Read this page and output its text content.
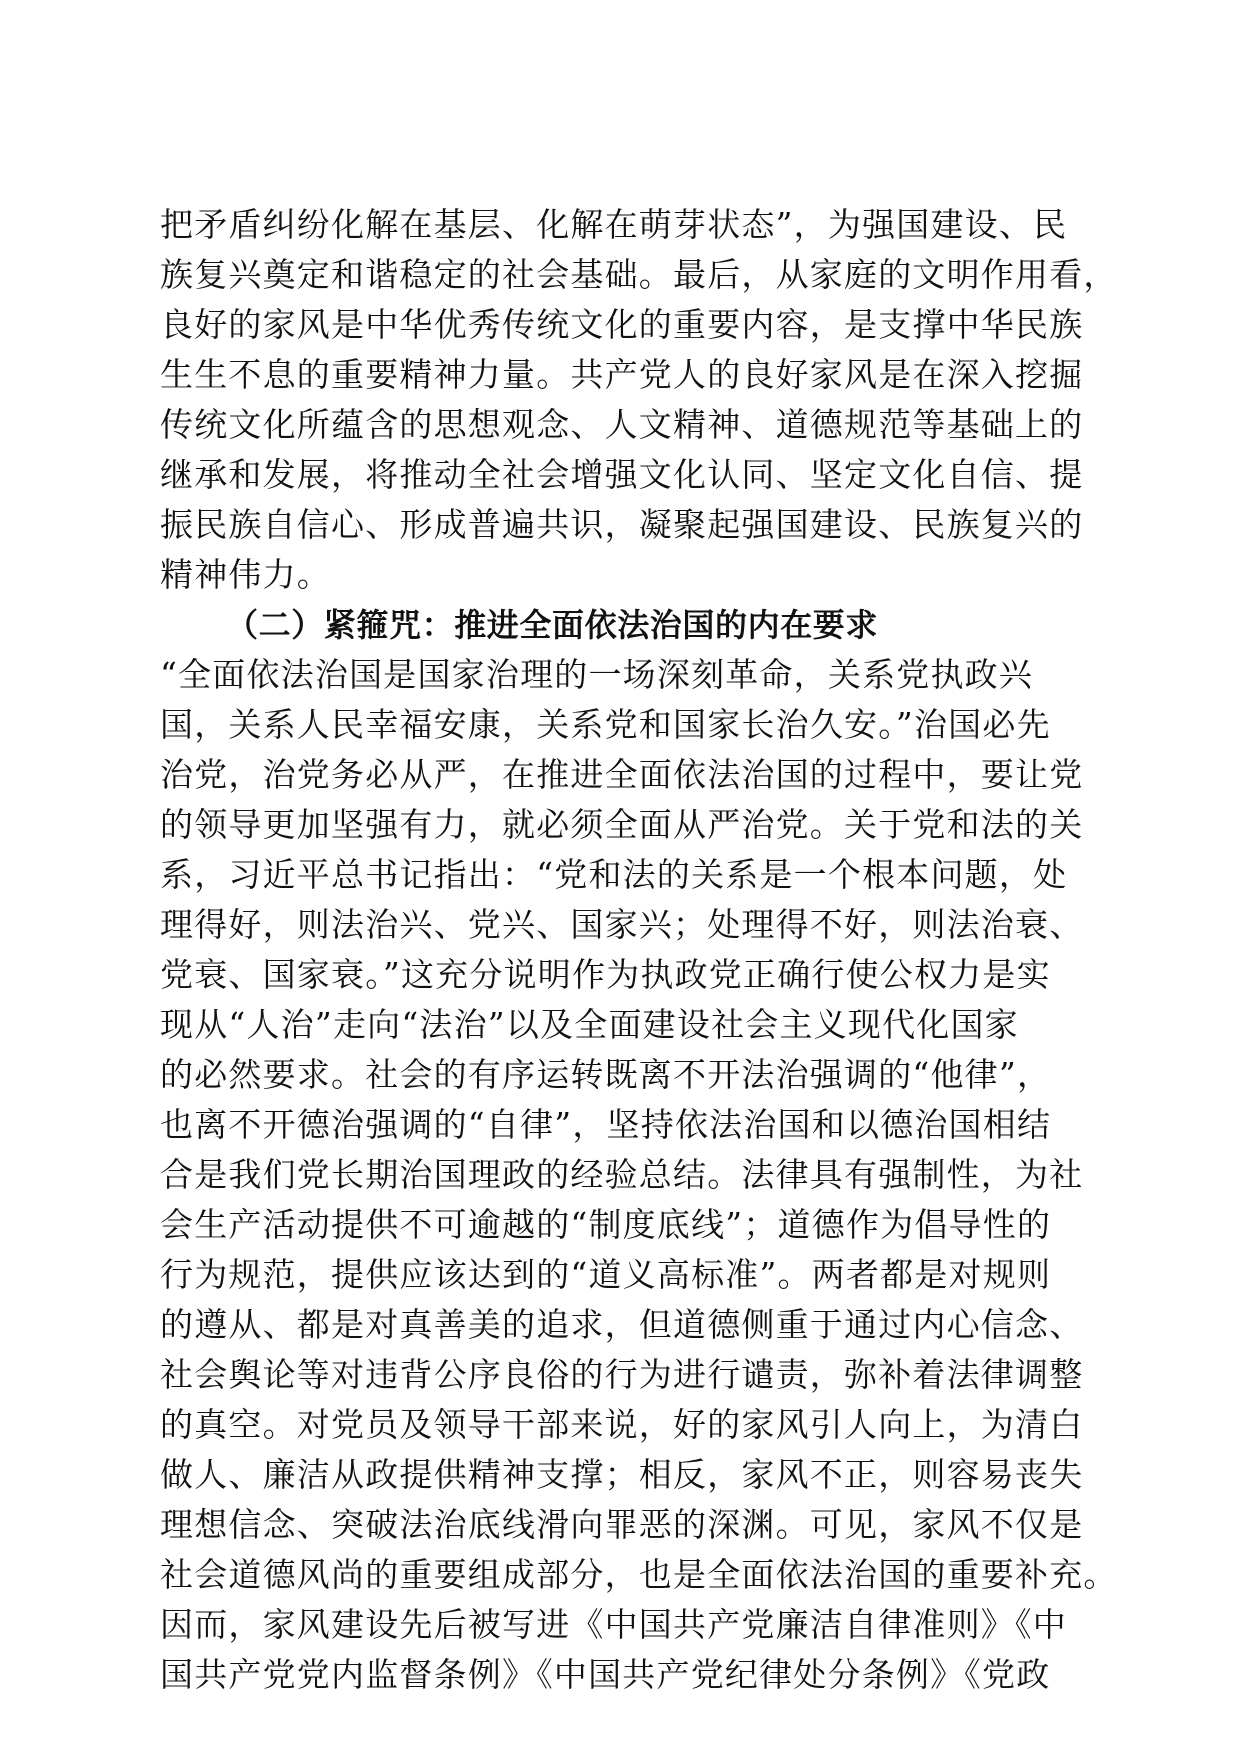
把矛盾纠纷化解在基层、化解在萌芽状态”，为强国建设、民
族复兴奠定和谐稳定的社会基础。最后，从家庭的文明作用看，
良好的家风是中华优秀传统文化的重要内容，是支撑中华民族
生生不息的重要精神力量。共产党人的良好家风是在深入挖掘
传统文化所蕴含的思想观念、人文精神、道德规范等基础上的
继承和发展，将推动全社会增强文化认同、坚定文化自信、提
振民族自信心、形成普遍共识，凝聚起强国建设、民族复兴的
精神伟力。
（二）紧箍咒：推进全面依法治国的内在要求
“全面依法治国是国家治理的一场深刻革命，关系党执政兴
国，关系人民幸福安康，关系党和国家长治久安。”治国必先
治党，治党务必从严，在推进全面依法治国的过程中，要让党
的领导更加坚强有力，就必须全面从严治党。关于党和法的关
系，习近平总书记指出：“党和法的关系是一个根本问题，处
理得好，则法治兴、党兴、国家兴；处理得不好，则法治衰、
党衰、国家衰。”这充分说明作为执政党正确行使公权力是实
现从“人治”走向“法治”以及全面建设社会主义现代化国家
的必然要求。社会的有序运转既离不开法治强调的“他律”，
也离不开德治强调的“自律”，坚持依法治国和以德治国相结
合是我们党长期治国理政的经验总结。法律具有强制性，为社
会生产活动提供不可逾越的“制度底线”；道德作为倡导性的
行为规范，提供应该达到的“道义高标准”。两者都是对规则
的遵从、都是对真善美的追求，但道德侧重于通过内心信念、
社会舆论等对违背公序良俗的行为进行谴责，弥补着法律调整
的真空。对党员及领导干部来说，好的家风引人向上，为清白
做人、廉洁从政提供精神支撑；相反，家风不正，则容易丧失
理想信念、突破法治底线滑向罪恶的深渊。可见，家风不仅是
社会道德风尚的重要组成部分，也是全面依法治国的重要补充。
因而，家风建设先后被写进《中国共产党廉洁自律准则》《中
国共产党党内监督条例》《中国共产党纪律处分条例》《党政
